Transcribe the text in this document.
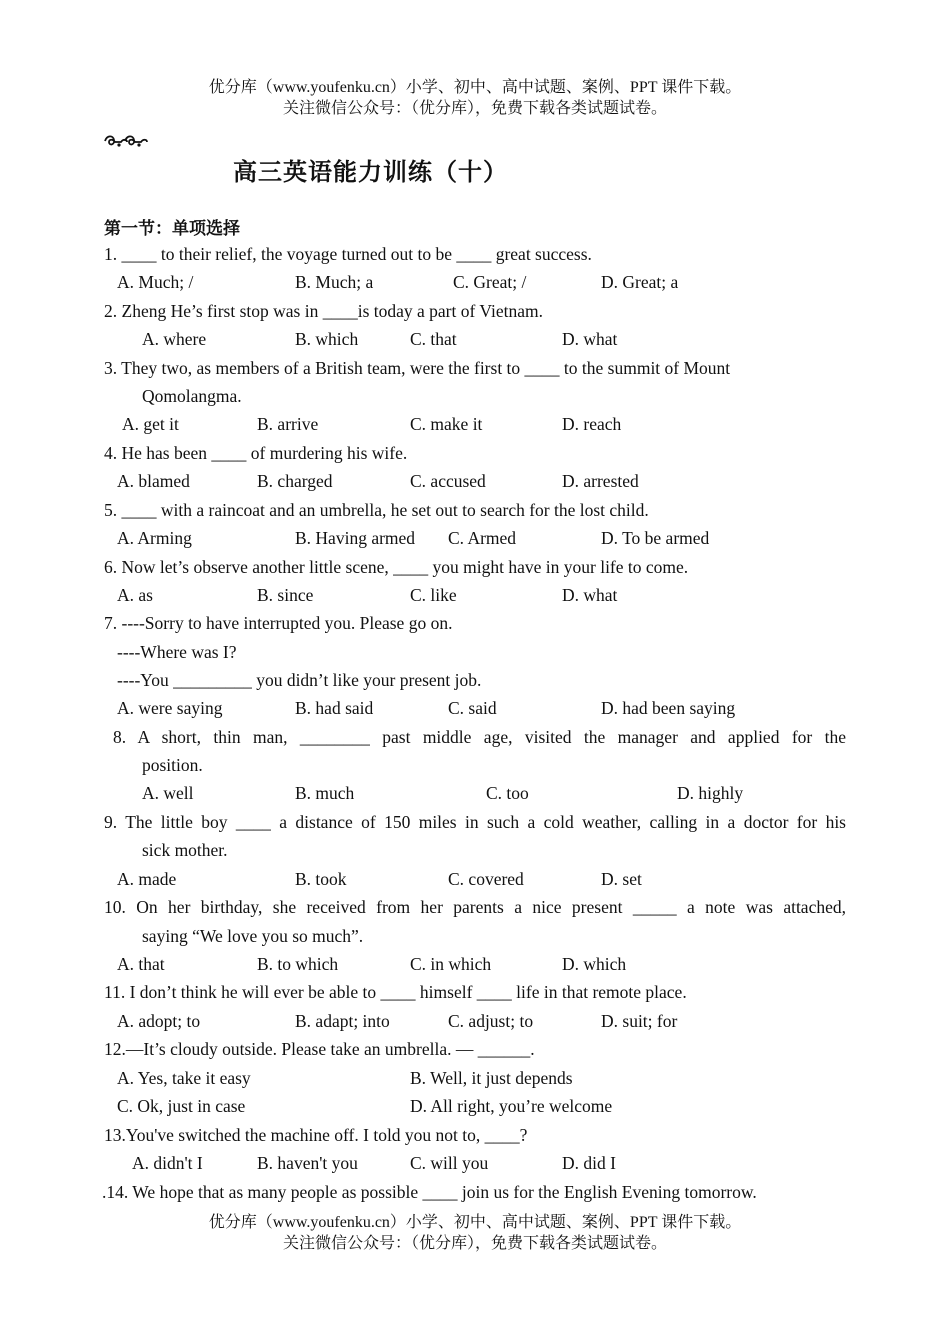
优分库（www.youfenku.cn）小学、初中、高中试题、案例、PPT 课件下载。
关注微信公众号：（优分库），免费下载各类试题试卷。
高三英语能力训练（十）
第一节：单项选择
1. ____ to their relief, the voyage turned out to be ____ great success.
A. Much; /	B. Much; a	C. Great; /	D. Great; a
2. Zheng He’s first stop was in ____is today a part of Vietnam.
A. where	B. which	C. that	D. what
3. They two, as members of a British team, were the first to ____ to the summit of Mount
Qomolangma.
A. get it	B. arrive	C. make it	D. reach
4. He has been ____ of murdering his wife.
A. blamed	B. charged	C. accused	D. arrested
5. ____ with a raincoat and an umbrella, he set out to search for the lost child.
A. Arming	B. Having armed C. Armed	D. To be armed
6. Now let’s observe another little scene, ____ you might have in your life to come.
A. as	B. since	C. like	D. what
7. ----Sorry to have interrupted you. Please go on.
----Where was I?
----You _________ you didn’t like your present job.
A. were saying	B. had said	C. said	D. had been saying
8. A short, thin man, ________ past middle age, visited the manager and applied for the
position.
A. well	B. much	C. too	D. highly
9. The little boy ____ a distance of 150 miles in such a cold weather, calling in a doctor for his
sick mother.
A. made	B. took	C. covered	D. set
10. On her birthday, she received from her parents a nice present _____ a note was attached,
saying “We love you so much”.
A. that	B. to which	C. in which	D. which
11. I don’t think he will ever be able to ____ himself ____ life in that remote place.
A. adopt; to	B. adapt; into	C. adjust; to	D. suit; for
12.—It’s cloudy outside. Please take an umbrella. — ______.
A. Yes, take it easy	B. Well, it just depends
C. Ok, just in case	D. All right, you’re welcome
13.You've switched the machine off. I told you not to, ____?
A. didn't I	B. haven't you	C. will you	D. did I
.14. We hope that as many people as possible ____ join us for the English Evening tomorrow.
优分库（www.youfenku.cn）小学、初中、高中试题、案例、PPT 课件下载。
关注微信公众号：（优分库），免费下载各类试题试卷。
